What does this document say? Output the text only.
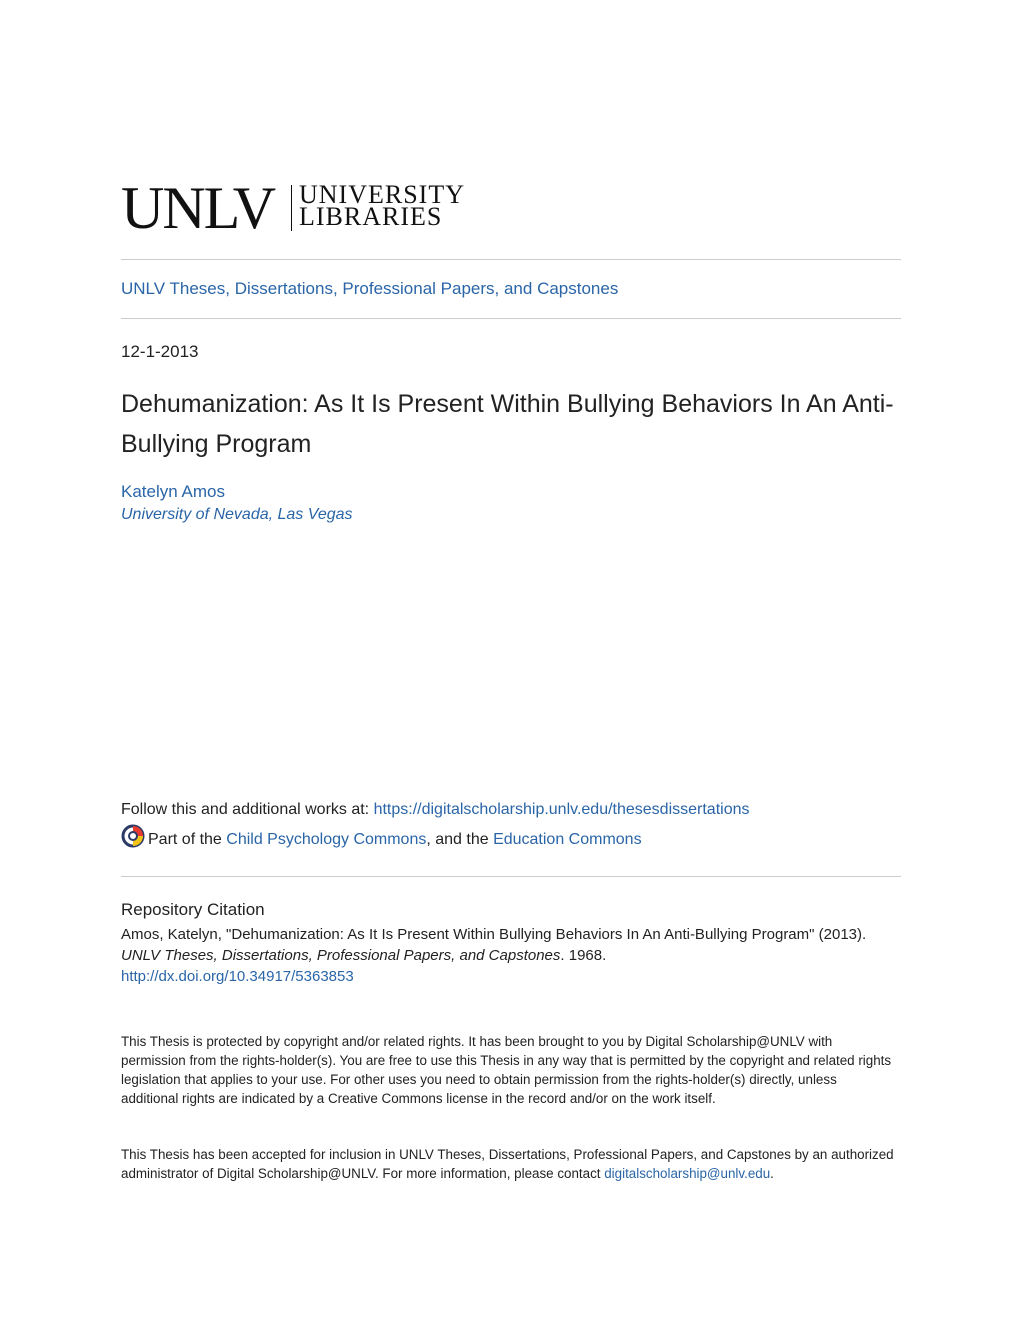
UNLV UNIVERSITY
LIBRARIES
UNLV Theses, Dissertations, Professional Papers, and Capstones
12-1-2013
Dehumanization: As It Is Present Within Bullying Behaviors In An Anti-Bullying Program
Katelyn Amos
University of Nevada, Las Vegas
Follow this and additional works at: https://digitalscholarship.unlv.edu/thesesdissertations
Part of the Child Psychology Commons , and the Education Commons
Repository Citation
Amos, Katelyn, "Dehumanization: As It Is Present Within Bullying Behaviors In An Anti-Bullying Program" (2013). UNLV Theses, Dissertations, Professional Papers, and Capstones. 1968.
http://dx.doi.org/10.34917/5363853
This Thesis is protected by copyright and/or related rights. It has been brought to you by Digital Scholarship@UNLV with permission from the rights-holder(s). You are free to use this Thesis in any way that is permitted by the copyright and related rights legislation that applies to your use. For other uses you need to obtain permission from the rights-holder(s) directly, unless additional rights are indicated by a Creative Commons license in the record and/or on the work itself.
This Thesis has been accepted for inclusion in UNLV Theses, Dissertations, Professional Papers, and Capstones by an authorized administrator of Digital Scholarship@UNLV. For more information, please contact digitalscholarship@unlv.edu.
